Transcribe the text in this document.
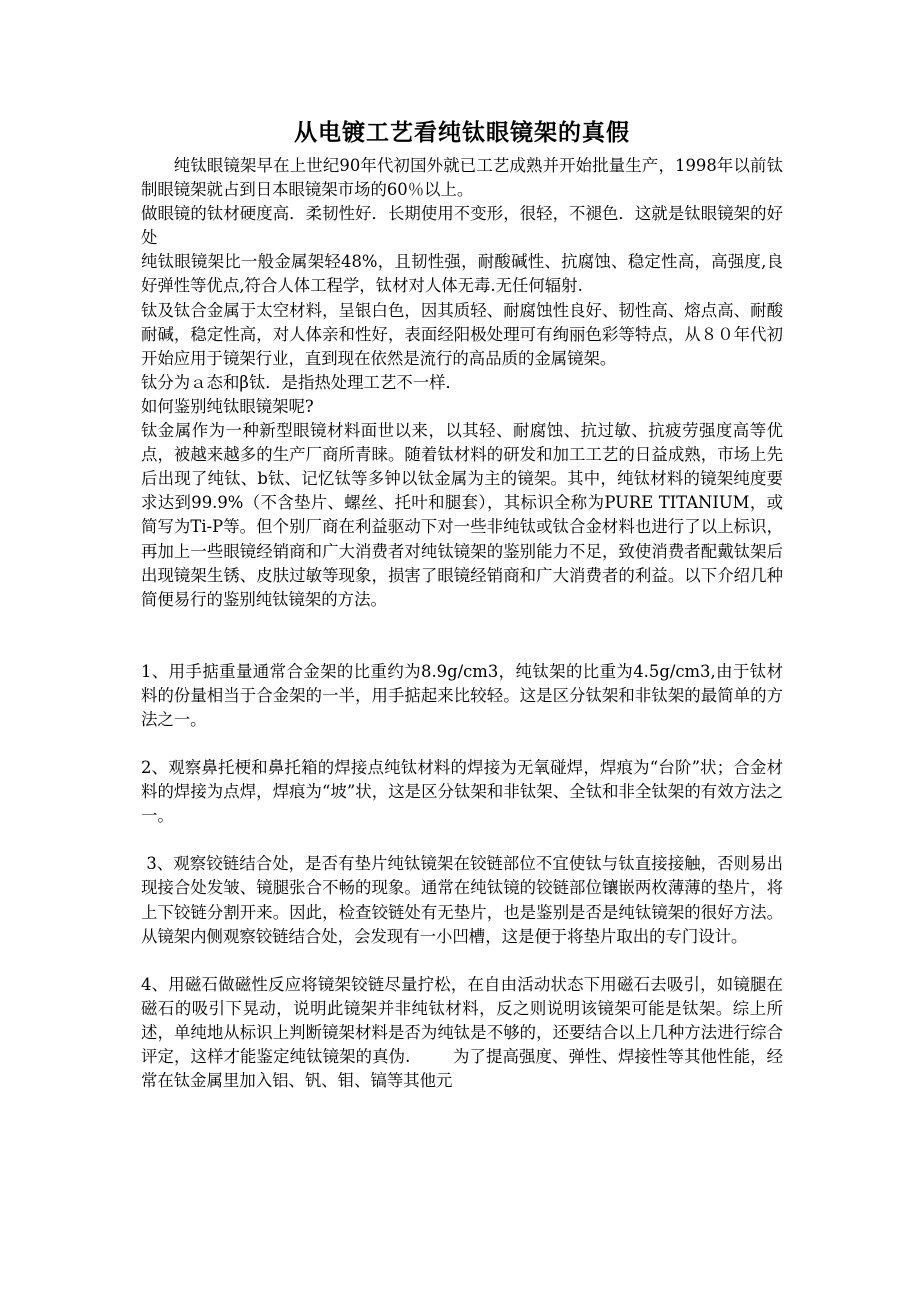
从电镀工艺看纯钛眼镜架的真假

纯钛眼镜架早在上世纪90年代初国外就已工艺成熟并开始批量生产，1998年以前钛制眼镜架就占到日本眼镜架市场的60％以上。

做眼镜的钛材硬度高．柔韧性好．长期使用不变形，很轻，不褪色．这就是钛眼镜架的好处

纯钛眼镜架比一般金属架轻48%，且韧性强，耐酸碱性、抗腐蚀、稳定性高，高强度,良好弹性等优点,符合人体工程学，钛材对人体无毒.无任何辐射.

钛及钛合金属于太空材料，呈银白色，因其质轻、耐腐蚀性良好、韧性高、熔点高、耐酸耐碱，稳定性高，对人体亲和性好，表面经阳极处理可有绚丽色彩等特点，从８０年代初开始应用于镜架行业，直到现在依然是流行的高品质的金属镜架。

钛分为ａ态和β钛．是指热处理工艺不一样．

如何鉴别纯钛眼镜架呢?

钛金属作为一种新型眼镜材料面世以来，以其轻、耐腐蚀、抗过敏、抗疲劳强度高等优点，被越来越多的生产厂商所青睐。随着钛材料的研发和加工工艺的日益成熟，市场上先后出现了纯钛、b钛、记忆钛等多钟以钛金属为主的镜架。其中，纯钛材料的镜架纯度要求达到99.9%（不含垫片、螺丝、托叶和腿套），其标识全称为PURE TITANIUM，或简写为Ti-P等。但个别厂商在利益驱动下对一些非纯钛或钛合金材料也进行了以上标识，再加上一些眼镜经销商和广大消费者对纯钛镜架的鉴别能力不足，致使消费者配戴钛架后出现镜架生锈、皮肤过敏等现象，损害了眼镜经销商和广大消费者的利益。以下介绍几种简便易行的鉴别纯钛镜架的方法。

1、用手掂重量通常合金架的比重约为8.9g/cm3，纯钛架的比重为4.5g/cm3,由于钛材料的份量相当于合金架的一半，用手掂起来比较轻。这是区分钛架和非钛架的最简单的方法之一。

2、观察鼻托梗和鼻托箱的焊接点纯钛材料的焊接为无氧碰焊，焊痕为“台阶”状；合金材料的焊接为点焊，焊痕为“坡”状，这是区分钛架和非钛架、全钛和非全钛架的有效方法之一。

3、观察铰链结合处，是否有垫片纯钛镜架在铰链部位不宜使钛与钛直接接触，否则易出现接合处发皱、镜腿张合不畅的现象。通常在纯钛镜的铰链部位镶嵌两枚薄薄的垫片，将上下铰链分割开来。因此，检查铰链处有无垫片，也是鉴别是否是纯钛镜架的很好方法。从镜架内侧观察铰链结合处，会发现有一小凹槽，这是便于将垫片取出的专门设计。

4、用磁石做磁性反应将镜架铰链尽量拧松，在自由活动状态下用磁石去吸引，如镜腿在磁石的吸引下晃动，说明此镜架并非纯钛材料，反之则说明该镜架可能是钛架。综上所述，单纯地从标识上判断镜架材料是否为纯钛是不够的，还要结合以上几种方法进行综合评定，这样才能鉴定纯钛镜架的真伪.        为了提高强度、弹性、焊接性等其他性能，经常在钛金属里加入铝、钒、钼、镐等其他元
